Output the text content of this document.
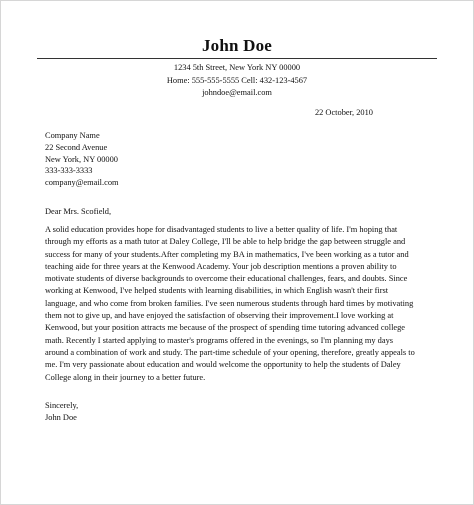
John Doe
1234 5th Street, New York NY 00000
Home: 555-555-5555 Cell: 432-123-4567
johndoe@email.com
22 October, 2010
Company Name
22 Second Avenue
New York, NY 00000
333-333-3333
company@email.com
Dear Mrs. Scofield,
A solid education provides hope for disadvantaged students to live a better quality of life. I'm hoping that
through my efforts as a math tutor at Daley College, I'll be able to help bridge the gap between struggle and
success for many of your students.After completing my BA in mathematics, I've been working as a tutor and
teaching aide for three years at the Kenwood Academy. Your job description mentions a proven ability to
motivate students of diverse backgrounds to overcome their educational challenges, fears, and doubts. Since
working at Kenwood, I've helped students with learning disabilities, in which English wasn't their first
language, and who come from broken families. I've seen numerous students through hard times by motivating
them not to give up, and have enjoyed the satisfaction of observing their improvement.I love working at
Kenwood, but your position attracts me because of the prospect of spending time tutoring advanced college
math. Recently I started applying to master's programs offered in the evenings, so I'm planning my days
around a combination of work and study. The part-time schedule of your opening, therefore, greatly appeals to
me. I'm very passionate about education and would welcome the opportunity to help the students of Daley
College along in their journey to a better future.
Sincerely,
John Doe
